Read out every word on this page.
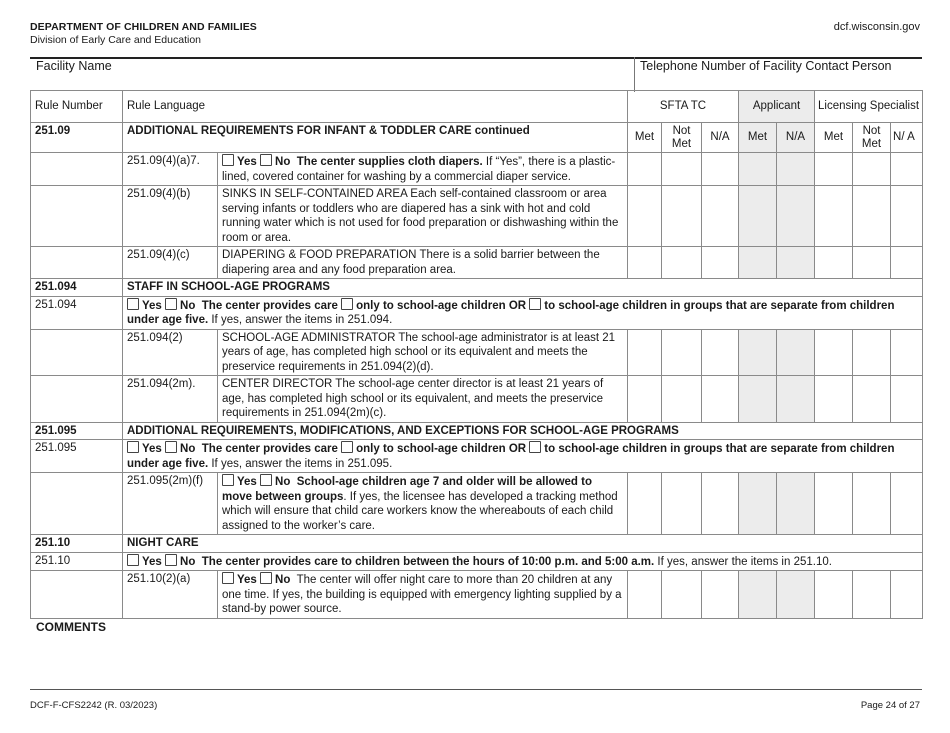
DEPARTMENT OF CHILDREN AND FAMILIES
Division of Early Care and Education
dcf.wisconsin.gov
Facility Name	Telephone Number of Facility Contact Person
Rule Number	Rule Language		SFTA TC			Applicant		Licensing Specialist		
251.09	ADDITIONAL REQUIREMENTS FOR INFANT & TODDLER CARE continued		Met	Not Met	N/A	Met	N/A	Met	Not Met	N/ A
	251.09(4)(a)7.	Yes No The center supplies cloth diapers. If “Yes”, there is a plastic-lined, covered container for washing by a commercial diaper service.								
	251.09(4)(b)	SINKS IN SELF-CONTAINED AREA Each self-contained classroom or area serving infants or toddlers who are diapered has a sink with hot and cold running water which is not used for food preparation or dishwashing within the room or area.								
	251.09(4)(c)	DIAPERING & FOOD PREPARATION There is a solid barrier between the diapering area and any food preparation area.								
251.094	STAFF IN SCHOOL-AGE PROGRAMS									
251.094	Yes No The center provides care only to school-age children OR to school-age children in groups that are separate from children under age five. If yes, answer the items in 251.094.									
	251.094(2)	SCHOOL-AGE ADMINISTRATOR The school-age administrator is at least 21 years of age, has completed high school or its equivalent and meets the preservice requirements in 251.094(2)(d).								
	251.094(2m).	CENTER DIRECTOR The school-age center director is at least 21 years of age, has completed high school or its equivalent, and meets the preservice requirements in 251.094(2m)(c).								
251.095	ADDITIONAL REQUIREMENTS, MODIFICATIONS, AND EXCEPTIONS FOR SCHOOL-AGE PROGRAMS									
251.095	Yes No The center provides care only to school-age children OR to school-age children in groups that are separate from children under age five. If yes, answer the items in 251.095.									
	251.095(2m)(f)	Yes No School-age children age 7 and older will be allowed to move between groups. If yes, the licensee has developed a tracking method which will ensure that child care workers know the whereabouts of each child assigned to the worker’s care.								
251.10	NIGHT CARE									
251.10	Yes No The center provides care to children between the hours of 10:00 p.m. and 5:00 a.m. If yes, answer the items in 251.10.									
	251.10(2)(a)	Yes No The center will offer night care to more than 20 children at any one time. If yes, the building is equipped with emergency lighting supplied by a stand-by power source.								
COMMENTS
DCF-F-CFS2242 (R. 03/2023)	Page 24 of 27
